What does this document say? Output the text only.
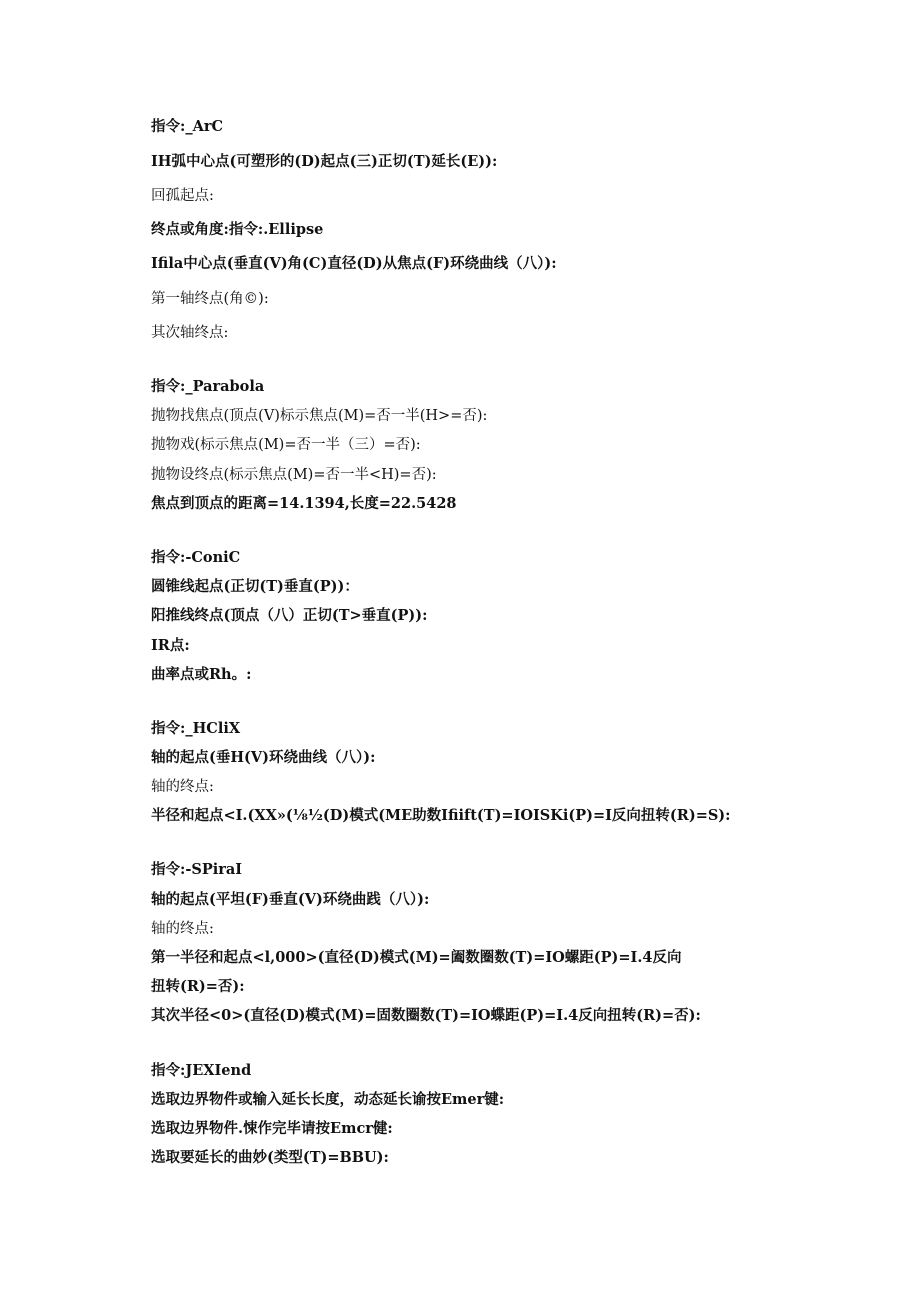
指令:_ArC

IH弧中心点(可塑形的(D)起点(三)正切(T)延长(E)):

回孤起点:

终点或角度:指令:.Ellipse

Ifila中心点(垂直(V)角(C)直径(D)从焦点(F)环绕曲线（八）):

第一轴终点(角©):

其次轴终点:

指令:_Parabola

抛物找焦点(顶点(V)标示焦点(M)=否一半(H>=否):

抛物戏(标示焦点(M)=否一半（三）=否):

抛物设终点(标示焦点(M)=否一半<H)=否):

焦点到顶点的距离=14.1394,长度=22.5428

指令:-ConiC

圆锥线起点(正切(T)垂直(P))：

阳推线终点(顶点（八）正切(T>垂直(P)):

IR点:

曲率点或Rh。:

指令:_HCliX

轴的起点(垂H(V)环绕曲线（八）):

轴的终点:

半径和起点<I.(XX»(⅛½(D)模式(ME助数Ifiift(T)=IOISKi(P)=I反向扭转(R)=S):

指令:-SPiraI

轴的起点(平坦(F)垂直(V)环绕曲践（八）):

轴的终点:

第一半径和起点<l,000>(直径(D)模式(M)=阖数圈数(T)=IO螺距(P)=I.4反向

扭转(R)=否):

其次半径<0>(直径(D)模式(M)=固数圈数(T)=IO蝶距(P)=I.4反向扭转(R)=否):

指令:JEXIend

选取边界物件或输入延长长度，动态延长谕按Emer键:

选取边界物件.悚作完毕请按Emcr健:

选取要延长的曲妙(类型(T)=BBU):
